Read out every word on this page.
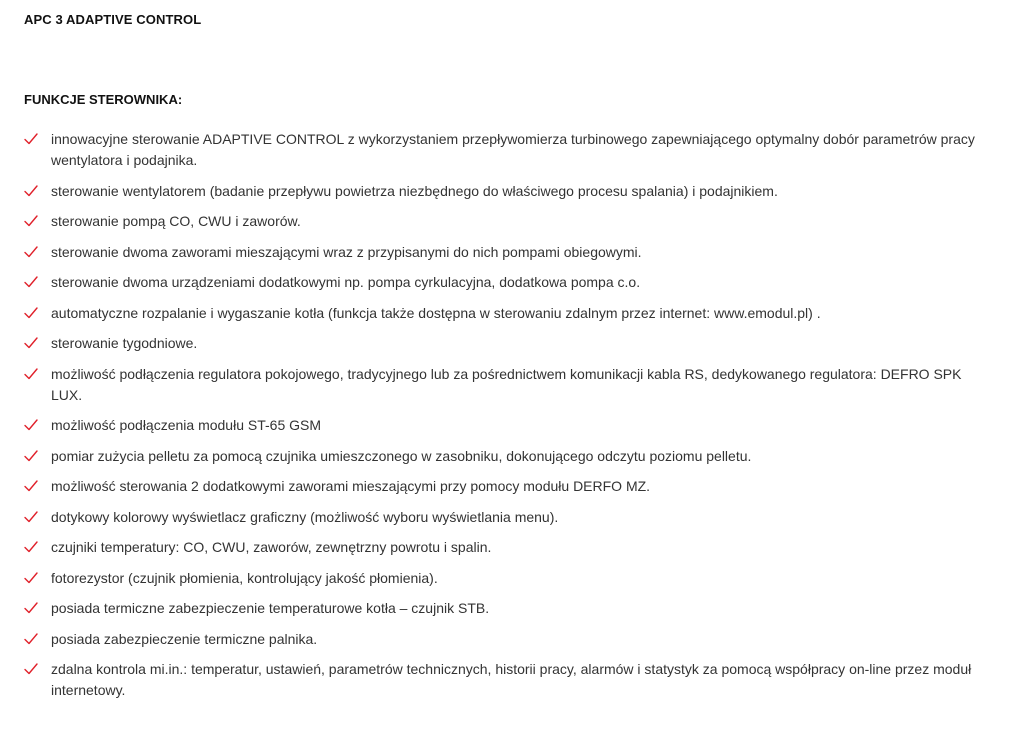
APC 3 ADAPTIVE CONTROL
FUNKCJE STEROWNIKA:
innowacyjne sterowanie ADAPTIVE CONTROL z wykorzystaniem przepływomierza turbinowego zapewniającego optymalny dobór parametrów pracy wentylatora i podajnika.
sterowanie wentylatorem (badanie przepływu powietrza niezbędnego do właściwego procesu spalania) i podajnikiem.
sterowanie pompą CO, CWU i zaworów.
sterowanie dwoma zaworami mieszającymi wraz z przypisanymi do nich pompami obiegowymi.
sterowanie dwoma urządzeniami dodatkowymi np. pompa cyrkulacyjna, dodatkowa pompa c.o.
automatyczne rozpalanie i wygaszanie kotła (funkcja także dostępna w sterowaniu zdalnym przez internet: www.emodul.pl) .
sterowanie tygodniowe.
możliwość podłączenia regulatora pokojowego, tradycyjnego lub za pośrednictwem komunikacji kabla RS, dedykowanego regulatora: DEFRO SPK LUX.
możliwość podłączenia modułu ST-65 GSM
pomiar zużycia pelletu za pomocą czujnika umieszczonego w zasobniku, dokonującego odczytu poziomu pelletu.
możliwość sterowania 2 dodatkowymi zaworami mieszającymi przy pomocy modułu DERFO MZ.
dotykowy kolorowy wyświetlacz graficzny (możliwość wyboru wyświetlania menu).
czujniki temperatury: CO, CWU, zaworów, zewnętrzny powrotu i spalin.
fotorezystor (czujnik płomienia, kontrolujący jakość płomienia).
posiada termiczne zabezpieczenie temperaturowe kotła – czujnik STB.
posiada zabezpieczenie termiczne palnika.
zdalna kontrola mi.in.: temperatur, ustawień, parametrów technicznych, historii pracy, alarmów i statystyk za pomocą współpracy on-line przez moduł internetowy.
